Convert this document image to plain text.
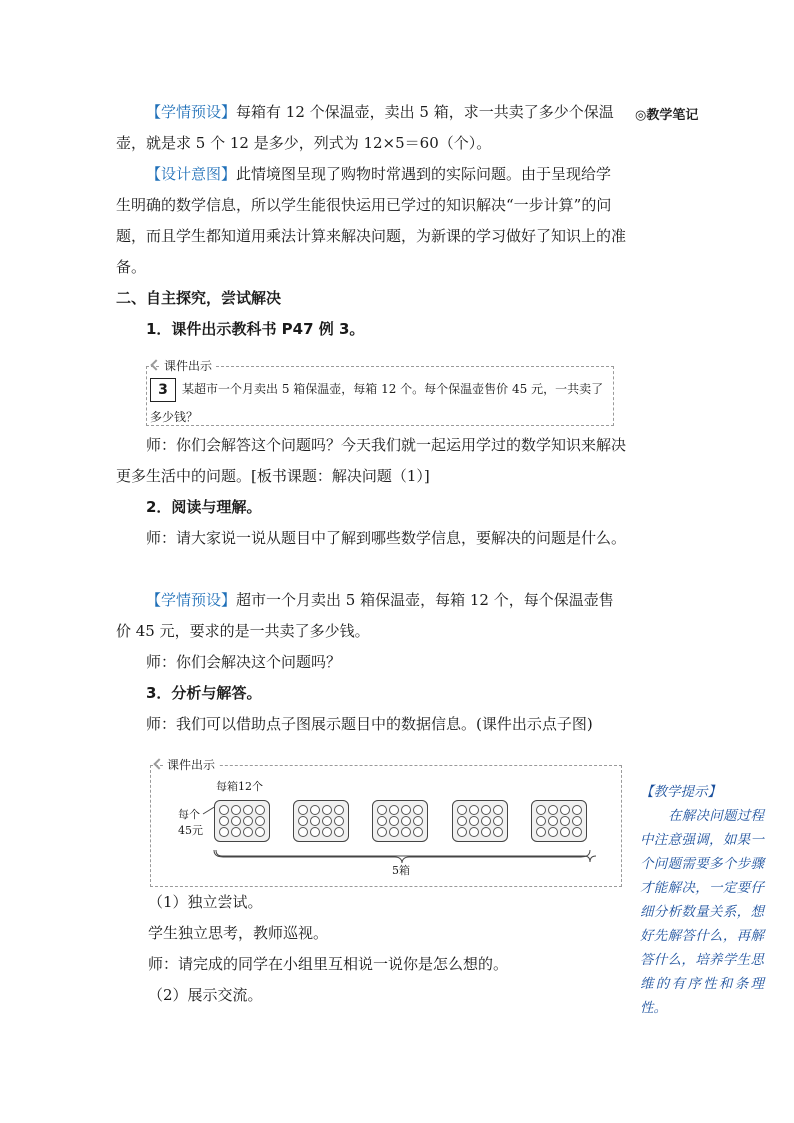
◎教学笔记

【学情预设】每箱有 12 个保温壶，卖出 5 箱，求一共卖了多少个保温壶，就是求 5 个 12 是多少，列式为 12×5＝60（个）。

【设计意图】此情境图呈现了购物时常遇到的实际问题。由于呈现给学生明确的数学信息，所以学生能很快运用已学过的知识解决“一步计算”的问题，而且学生都知道用乘法计算来解决问题，为新课的学习做好了知识上的准备。

二、自主探究，尝试解决

1．课件出示教科书 P47 例 3。

课件出示
3	某超市一个月卖出 5 箱保温壶，每箱 12 个。每个保温壶售价 45 元，一共卖了多少钱？

师：你们会解答这个问题吗？今天我们就一起运用学过的数学知识来解决更多生活中的问题。[板书课题：解决问题（1）]

2．阅读与理解。

师：请大家说一说从题目中了解到哪些数学信息，要解决的问题是什么。

【学情预设】超市一个月卖出 5 箱保温壶，每箱 12 个，每个保温壶售价 45 元，要求的是一共卖了多少钱。

师：你们会解决这个问题吗？

3．分析与解答。

师：我们可以借助点子图展示题目中的数据信息。(课件出示点子图)

课件出示
每箱12个
每个
45元
5箱

（1）独立尝试。

学生独立思考，教师巡视。

师：请完成的同学在小组里互相说一说你是怎么想的。

（2）展示交流。

【教学提示】
在解决问题过程中注意强调，如果一个问题需要多个步骤才能解决，一定要仔细分析数量关系，想好先解答什么，再解答什么，培养学生思维的有序性和条理性。
